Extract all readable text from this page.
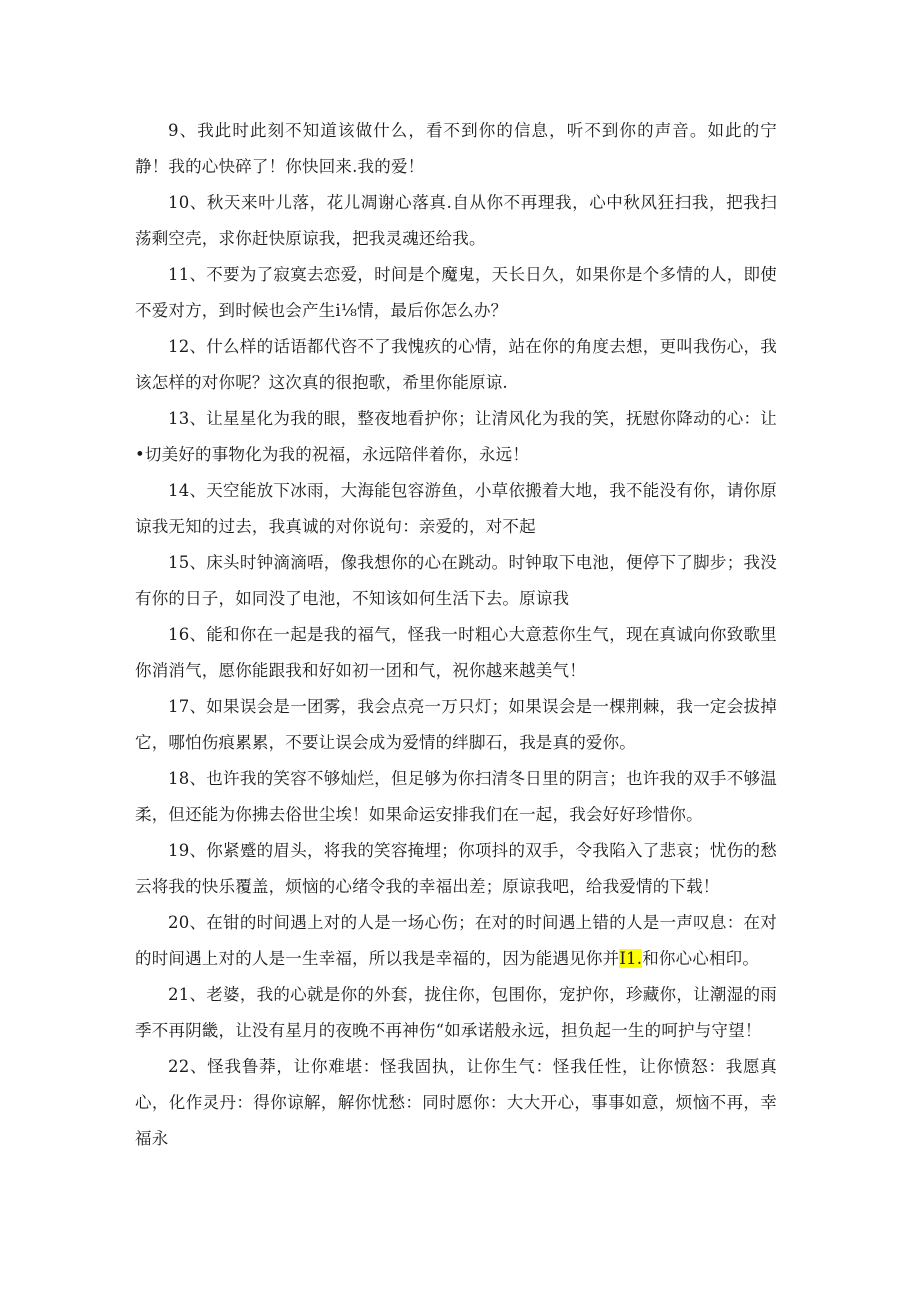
9、我此时此刻不知道该做什么，看不到你的信息，听不到你的声音。如此的宁静！我的心快碎了！你快回来.我的爱！

10、秋天来叶儿落，花儿凋谢心落真.自从你不再理我，心中秋风狂扫我，把我扫荡剩空壳，求你赶快原谅我，把我灵魂还给我。

11、不要为了寂寞去恋爱，时间是个魔鬼，天长日久，如果你是个多情的人，即使不爱对方，到时候也会产生i⅛情，最后你怎么办？

12、什么样的话语都代咨不了我愧疚的心情，站在你的角度去想，更叫我伤心，我该怎样的对你呢？这次真的很抱歌，希里你能原谅.

13、让星星化为我的眼，整夜地看护你；让清风化为我的笑，抚慰你降动的心：让•切美好的事物化为我的祝福，永远陪伴着你，永远！

14、天空能放下冰雨，大海能包容游鱼，小草依搬着大地，我不能没有你，请你原谅我无知的过去，我真诚的对你说句：亲爱的，对不起

15、床头时钟滴滴唔，像我想你的心在跳动。时钟取下电池，便停下了脚步；我没有你的日子，如同没了电池，不知该如何生活下去。原谅我

16、能和你在一起是我的福气，怪我一时粗心大意惹你生气，现在真诚向你致歌里你消消气，愿你能跟我和好如初一团和气，祝你越来越美气！

17、如果误会是一团雾，我会点亮一万只灯；如果误会是一棵荆棘，我一定会拔掉它，哪怕伤痕累累，不要让误会成为爱情的绊脚石，我是真的爱你。

18、也许我的笑容不够灿烂，但足够为你扫清冬日里的阴言；也许我的双手不够温柔，但还能为你拂去俗世尘埃！如果命运安排我们在一起，我会好好珍惜你。

19、你紧蹙的眉头，将我的笑容掩埋；你项抖的双手，令我陷入了悲哀；忧伤的愁云将我的快乐覆盖，烦恼的心绪令我的幸福出差；原谅我吧，给我爱情的下载！

20、在钳的时间遇上对的人是一场心伤；在对的时间遇上错的人是一声叹息：在对的时间遇上对的人是一生幸福，所以我是幸福的，因为能遇见你并I1.和你心心相印。

21、老婆，我的心就是你的外套，拢住你，包围你，宠护你，珍藏你，让潮湿的雨季不再阴畿，让没有星月的夜晚不再神伤“如承诺般永远，担负起一生的呵护与守望！

22、怪我鲁莽，让你难堪：怪我固执，让你生气：怪我任性，让你愤怒：我愿真心，化作灵丹：得你谅解，解你忧愁：同时愿你：大大开心，事事如意，烦恼不再，幸福永
